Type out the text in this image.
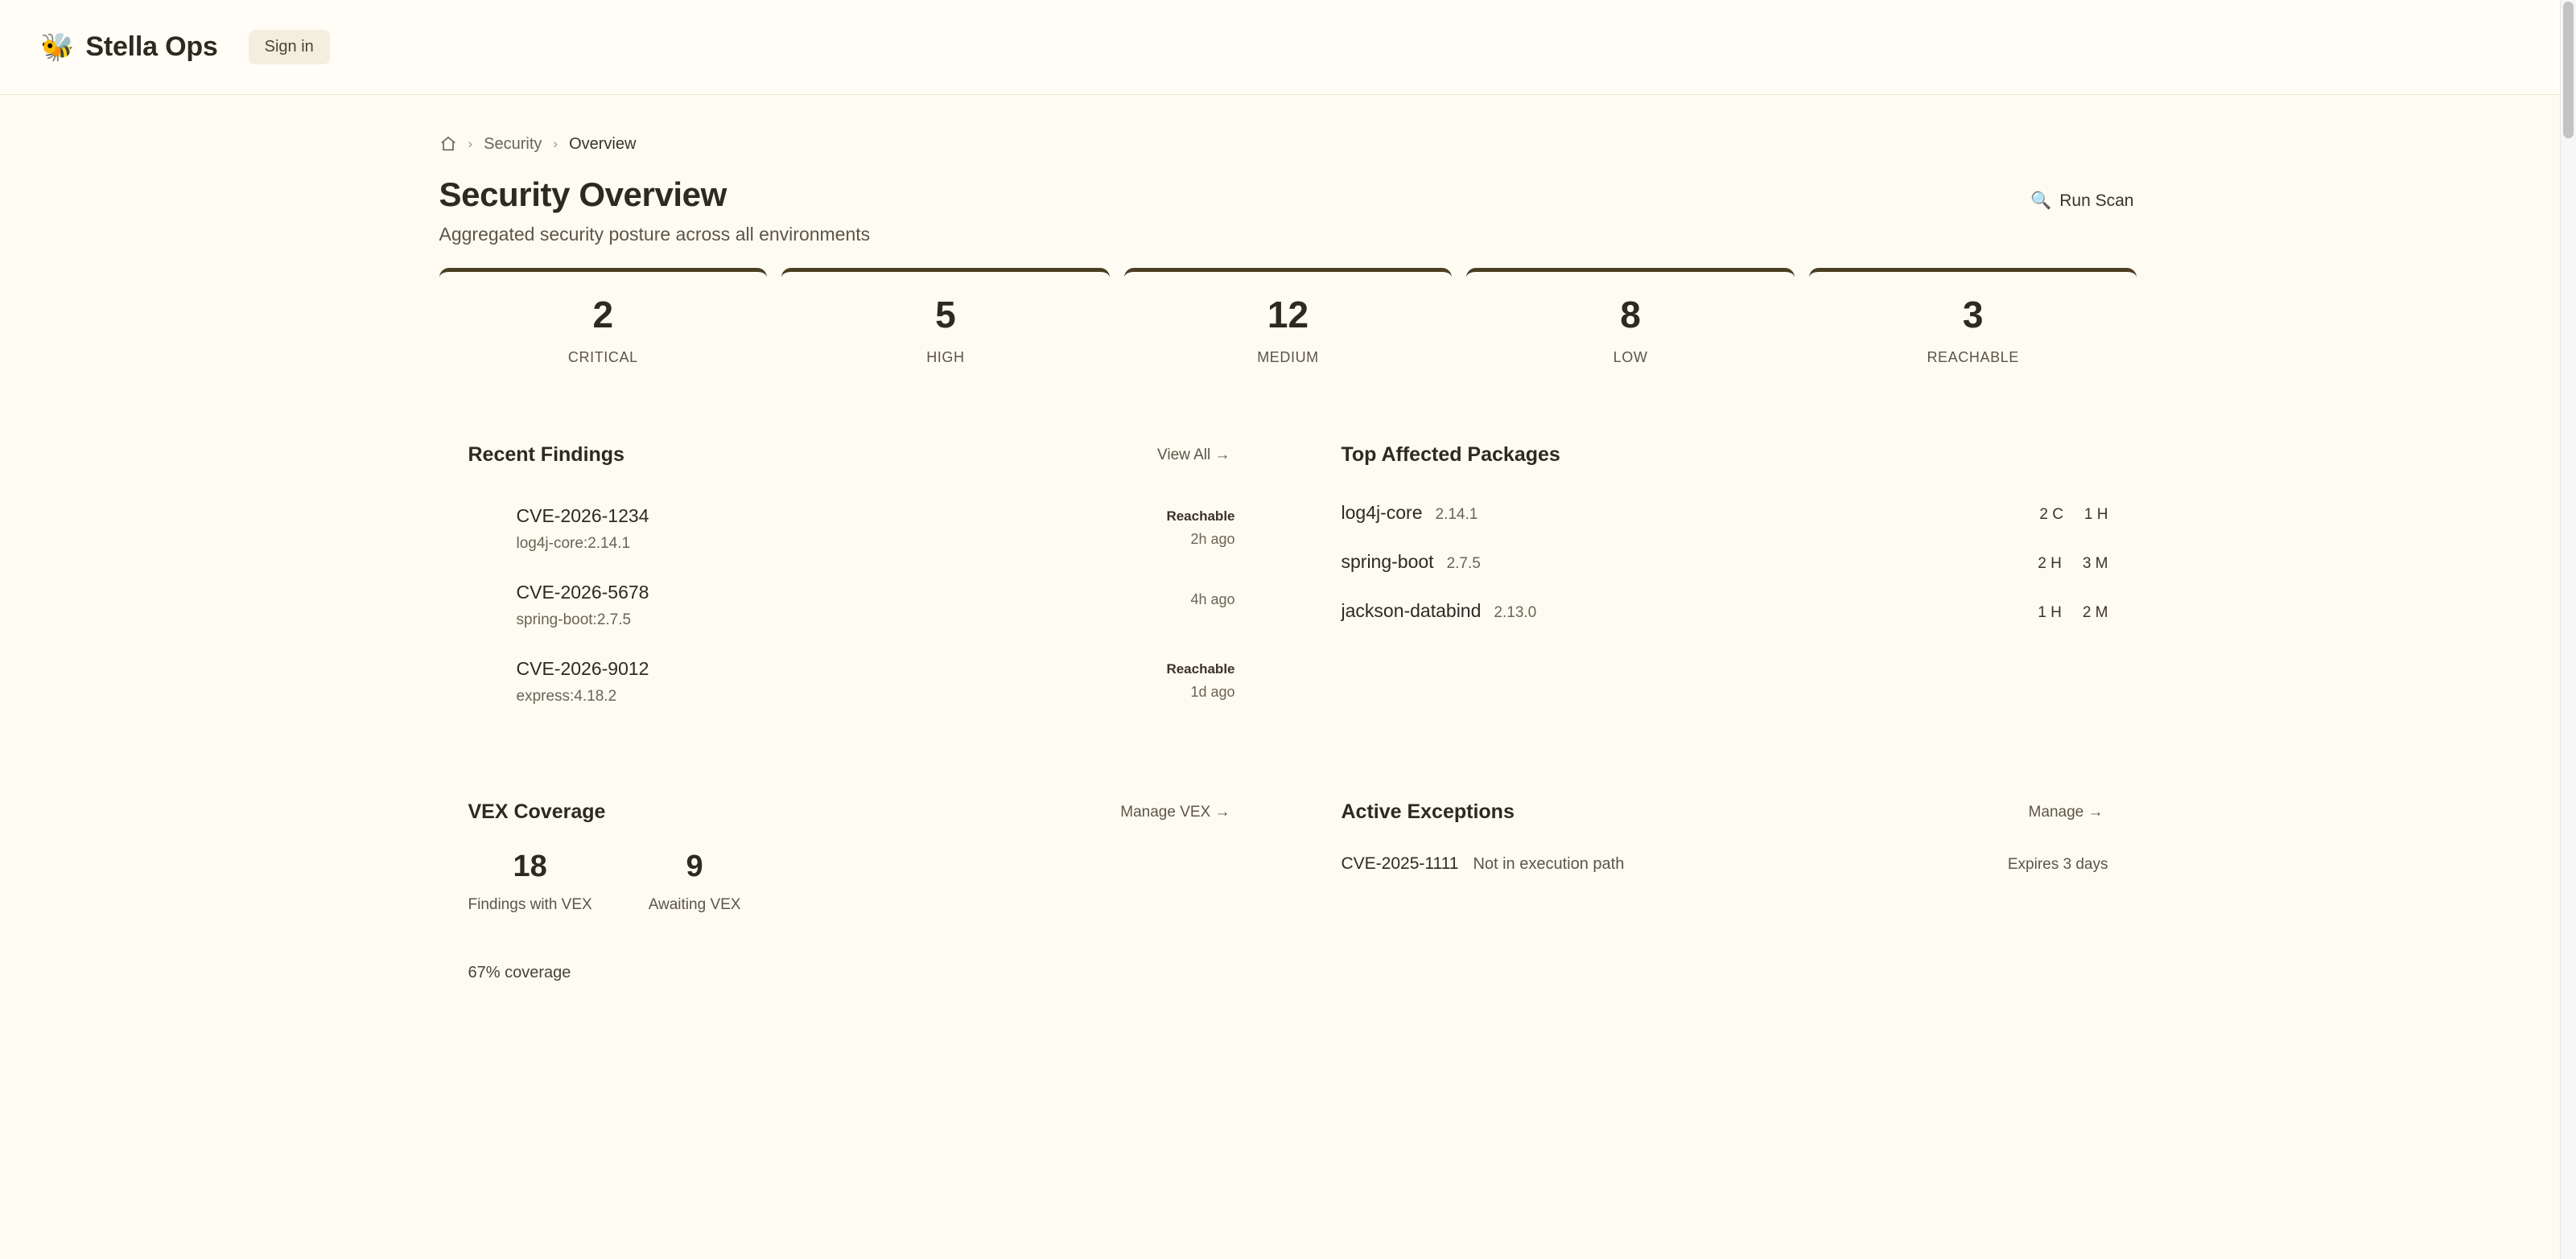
🐝 Stella Ops	Sign in
› Security › Overview
Security Overview
Aggregated security posture across all environments
🔍 Run Scan
2
CRITICAL
5
HIGH
12
MEDIUM
8
LOW
3
REACHABLE
Recent Findings	View All →
CVE-2026-1234
log4j-core:2.14.1
Reachable
2h ago
CVE-2026-5678
spring-boot:2.7.5
4h ago
CVE-2026-9012
express:4.18.2
Reachable
1d ago
Top Affected Packages
log4j-core 2.14.1	2 C 1 H
spring-boot 2.7.5	2 H 3 M
jackson-databind 2.13.0	1 H 2 M
VEX Coverage	Manage VEX →
18
Findings with VEX
9
Awaiting VEX
67% coverage
Active Exceptions	Manage →
CVE-2025-1111 Not in execution path	Expires 3 days
